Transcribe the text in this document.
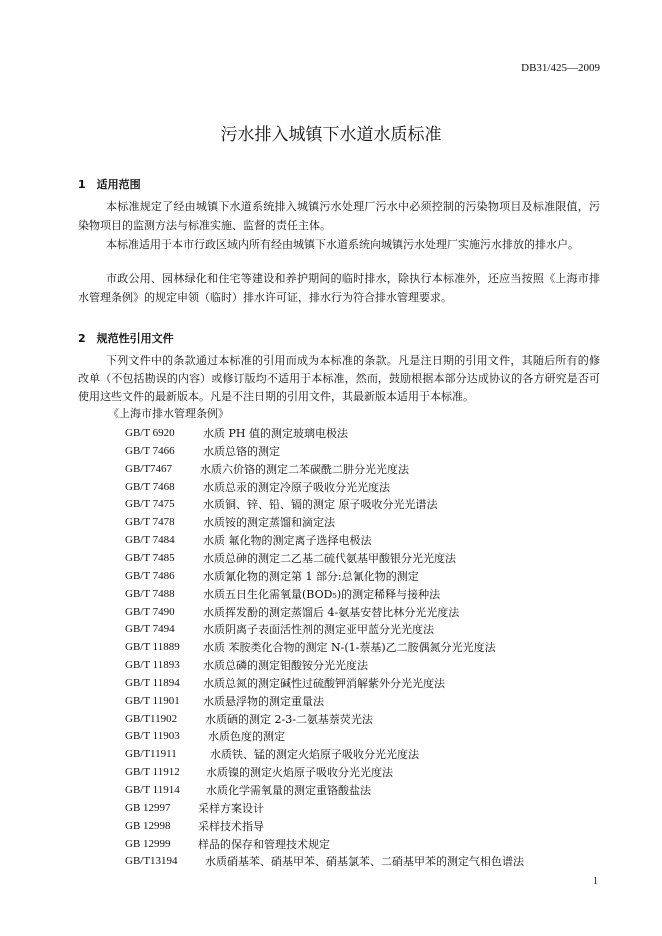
DB31/425—2009
污水排入城镇下水道水质标准
1　适用范围
本标准规定了经由城镇下水道系统排入城镇污水处理厂污水中必须控制的污染物项目及标准限值，污染物项目的监测方法与标准实施、监督的责任主体。
本标准适用于本市行政区域内所有经由城镇下水道系统向城镇污水处理厂实施污水排放的排水户。
市政公用、园林绿化和住宅等建设和养护期间的临时排水，除执行本标准外，还应当按照《上海市排水管理条例》的规定申领（临时）排水许可证，排水行为符合排水管理要求。
2　规范性引用文件
下列文件中的条款通过本标准的引用而成为本标准的条款。凡是注日期的引用文件，其随后所有的修改单（不包括勘误的内容）或修订版均不适用于本标准，然而，鼓励根据本部分达成协议的各方研究是否可使用这些文件的最新版本。凡是不注日期的引用文件，其最新版本适用于本标准。
《上海市排水管理条例》
GB/T 6920	水质 PH 值的测定玻璃电极法
GB/T 7466	水质总铬的测定
GB/T7467	水质六价铬的测定二苯碳酰二肼分光光度法
GB/T 7468	水质总汞的测定冷原子吸收分光光度法
GB/T 7475	水质铜、锌、铅、镉的测定 原子吸收分光光谱法
GB/T 7478	水质铵的测定蒸馏和滴定法
GB/T 7484	水质 氟化物的测定离子选择电极法
GB/T 7485	水质总砷的测定二乙基二硫代氨基甲酸银分光光度法
GB/T 7486	水质氰化物的测定第 1 部分:总氰化物的测定
GB/T 7488	水质五日生化需氧量(BOD₅)的测定稀释与接种法
GB/T 7490	水质挥发酚的测定蒸馏后 4-氨基安替比林分光光度法
GB/T 7494	水质阴离子表面活性剂的测定亚甲蓝分光光度法
GB/T 11889 水质 苯胺类化合物的测定 N-(1-萘基)乙二胺偶氮分光光度法
GB/T 11893 水质总磷的测定钼酸铵分光光度法
GB/T 11894 水质总氮的测定碱性过硫酸钾消解紫外分光光度法
GB/T 11901 水质悬浮物的测定重量法
GB/T11902	水质硒的测定 2-3-二氨基萘荧光法
GB/T 11903	水质色度的测定
GB/T11911	水质铁、锰的测定火焰原子吸收分光光度法
GB/T 11912 水质镍的测定火焰原子吸收分光光度法
GB/T 11914 水质化学需氧量的测定重铬酸盐法
GB 12997 采样方案设计
GB 12998 采样技术指导
GB 12999 样品的保存和管理技术规定
GB/T13194 水质硝基苯、硝基甲苯、硝基氯苯、二硝基甲苯的测定气相色谱法
1
